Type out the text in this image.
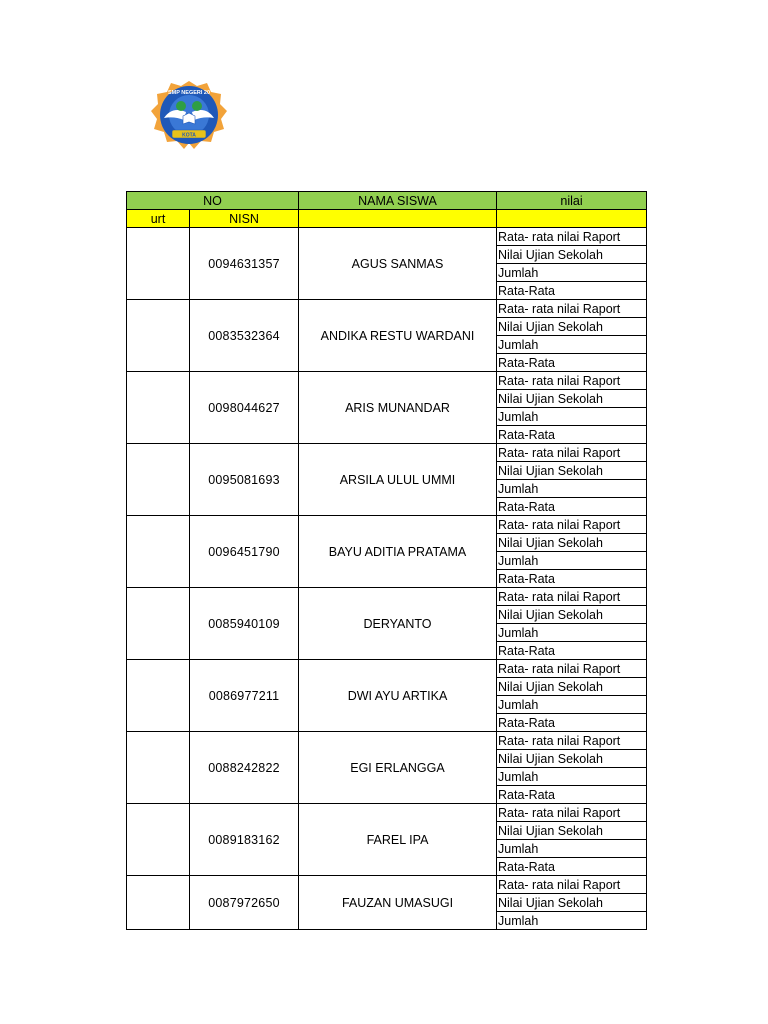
SMP NEGERI 20
KOTA
NO		NAMA SISWA	nilai
urt	NISN		
	0094631357	AGUS SANMAS	Rata- rata nilai Raport
			Nilai Ujian Sekolah
			Jumlah
			Rata-Rata
	0083532364	ANDIKA RESTU WARDANI	Rata- rata nilai Raport
			Nilai Ujian Sekolah
			Jumlah
			Rata-Rata
	0098044627	ARIS MUNANDAR	Rata- rata nilai Raport
			Nilai Ujian Sekolah
			Jumlah
			Rata-Rata
	0095081693	ARSILA ULUL UMMI	Rata- rata nilai Raport
			Nilai Ujian Sekolah
			Jumlah
			Rata-Rata
	0096451790	BAYU ADITIA PRATAMA	Rata- rata nilai Raport
			Nilai Ujian Sekolah
			Jumlah
			Rata-Rata
	0085940109	DERYANTO	Rata- rata nilai Raport
			Nilai Ujian Sekolah
			Jumlah
			Rata-Rata
	0086977211	DWI AYU ARTIKA	Rata- rata nilai Raport
			Nilai Ujian Sekolah
			Jumlah
			Rata-Rata
	0088242822	EGI ERLANGGA	Rata- rata nilai Raport
			Nilai Ujian Sekolah
			Jumlah
			Rata-Rata
	0089183162	FAREL IPA	Rata- rata nilai Raport
			Nilai Ujian Sekolah
			Jumlah
			Rata-Rata
	0087972650	FAUZAN UMASUGI	Rata- rata nilai Raport
			Nilai Ujian Sekolah
			Jumlah
